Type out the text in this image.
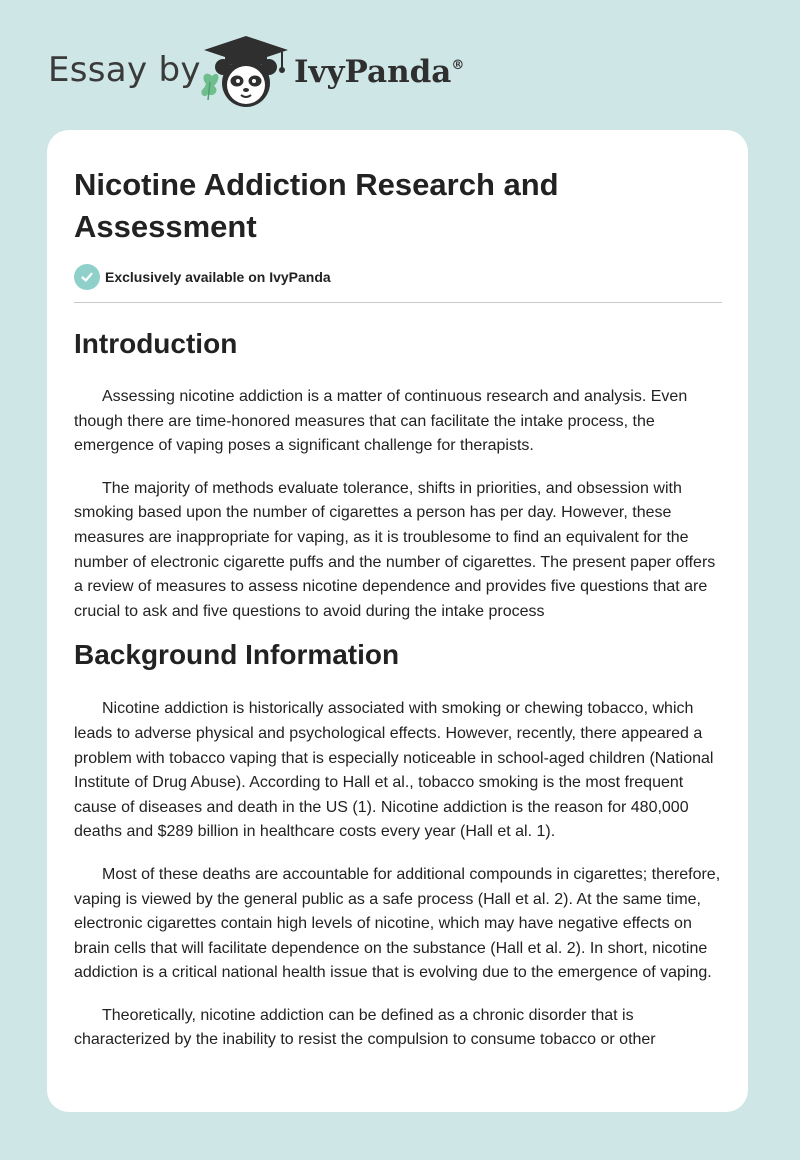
Essay by	IvyPanda®
Nicotine Addiction Research and Assessment
Exclusively available on IvyPanda
Introduction

Assessing nicotine addiction is a matter of continuous research and analysis. Even though there are time-honored measures that can facilitate the intake process, the emergence of vaping poses a significant challenge for therapists.

The majority of methods evaluate tolerance, shifts in priorities, and obsession with smoking based upon the number of cigarettes a person has per day. However, these measures are inappropriate for vaping, as it is troublesome to find an equivalent for the number of electronic cigarette puffs and the number of cigarettes. The present paper offers a review of measures to assess nicotine dependence and provides five questions that are crucial to ask and five questions to avoid during the intake process

Background Information

Nicotine addiction is historically associated with smoking or chewing tobacco, which leads to adverse physical and psychological effects. However, recently, there appeared a problem with tobacco vaping that is especially noticeable in school-aged children (National Institute of Drug Abuse). According to Hall et al., tobacco smoking is the most frequent cause of diseases and death in the US (1). Nicotine addiction is the reason for 480,000 deaths and $289 billion in healthcare costs every year (Hall et al. 1).

Most of these deaths are accountable for additional compounds in cigarettes; therefore, vaping is viewed by the general public as a safe process (Hall et al. 2). At the same time, electronic cigarettes contain high levels of nicotine, which may have negative effects on brain cells that will facilitate dependence on the substance (Hall et al. 2). In short, nicotine addiction is a critical national health issue that is evolving due to the emergence of vaping.

Theoretically, nicotine addiction can be defined as a chronic disorder that is characterized by the inability to resist the compulsion to consume tobacco or other
